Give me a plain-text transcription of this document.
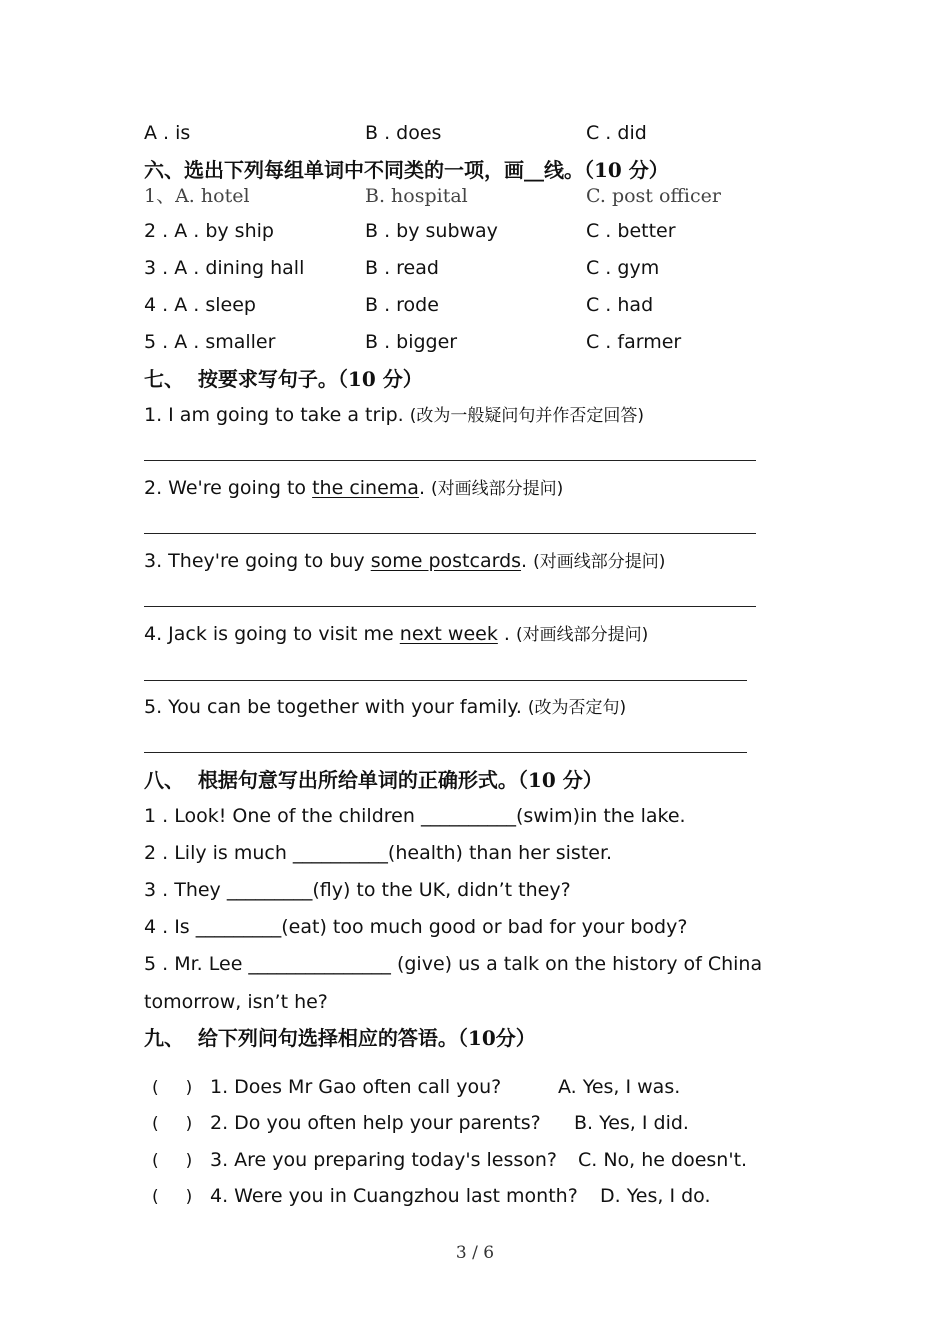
A . is	B . does	C . did
六、选出下列每组单词中不同类的一项，画__线。（10 分）
1、A. hotel	B. hospital	C. post officer
2 . A . by ship	B . by subway	C . better
3 . A . dining hall	B . read	C . gym
4 . A . sleep	B . rode	C . had
5 . A . smaller	B . bigger	C . farmer
七、  按要求写句子。（10 分）
1. I am going to take a trip. (改为一般疑问句并作否定回答)
2. We're going to the cinema. (对画线部分提问)
3. They're going to buy some postcards. (对画线部分提问)
4. Jack is going to visit me next week . (对画线部分提问)
5. You can be together with your family. (改为否定句)
八、  根据句意写出所给单词的正确形式。（10 分）
1 . Look! One of the children __________(swim)in the lake.
2 . Lily is much __________(health) than her sister.
3 . They _________(fly) to the UK, didn’t they?
4 . Is _________(eat) too much good or bad for your body?
5 . Mr. Lee _______________ (give) us a talk on the history of China
tomorrow, isn’t he?
九、  给下列问句选择相应的答语。（10分）
(     ) 1. Does Mr Gao often call you?	A. Yes, I was.
(     ) 2. Do you often help your parents? B. Yes, I did.
(     ) 3. Are you preparing today's lesson? C. No, he doesn't.
(     ) 4. Were you in Cuangzhou last month? D. Yes, I do.
3 / 6
